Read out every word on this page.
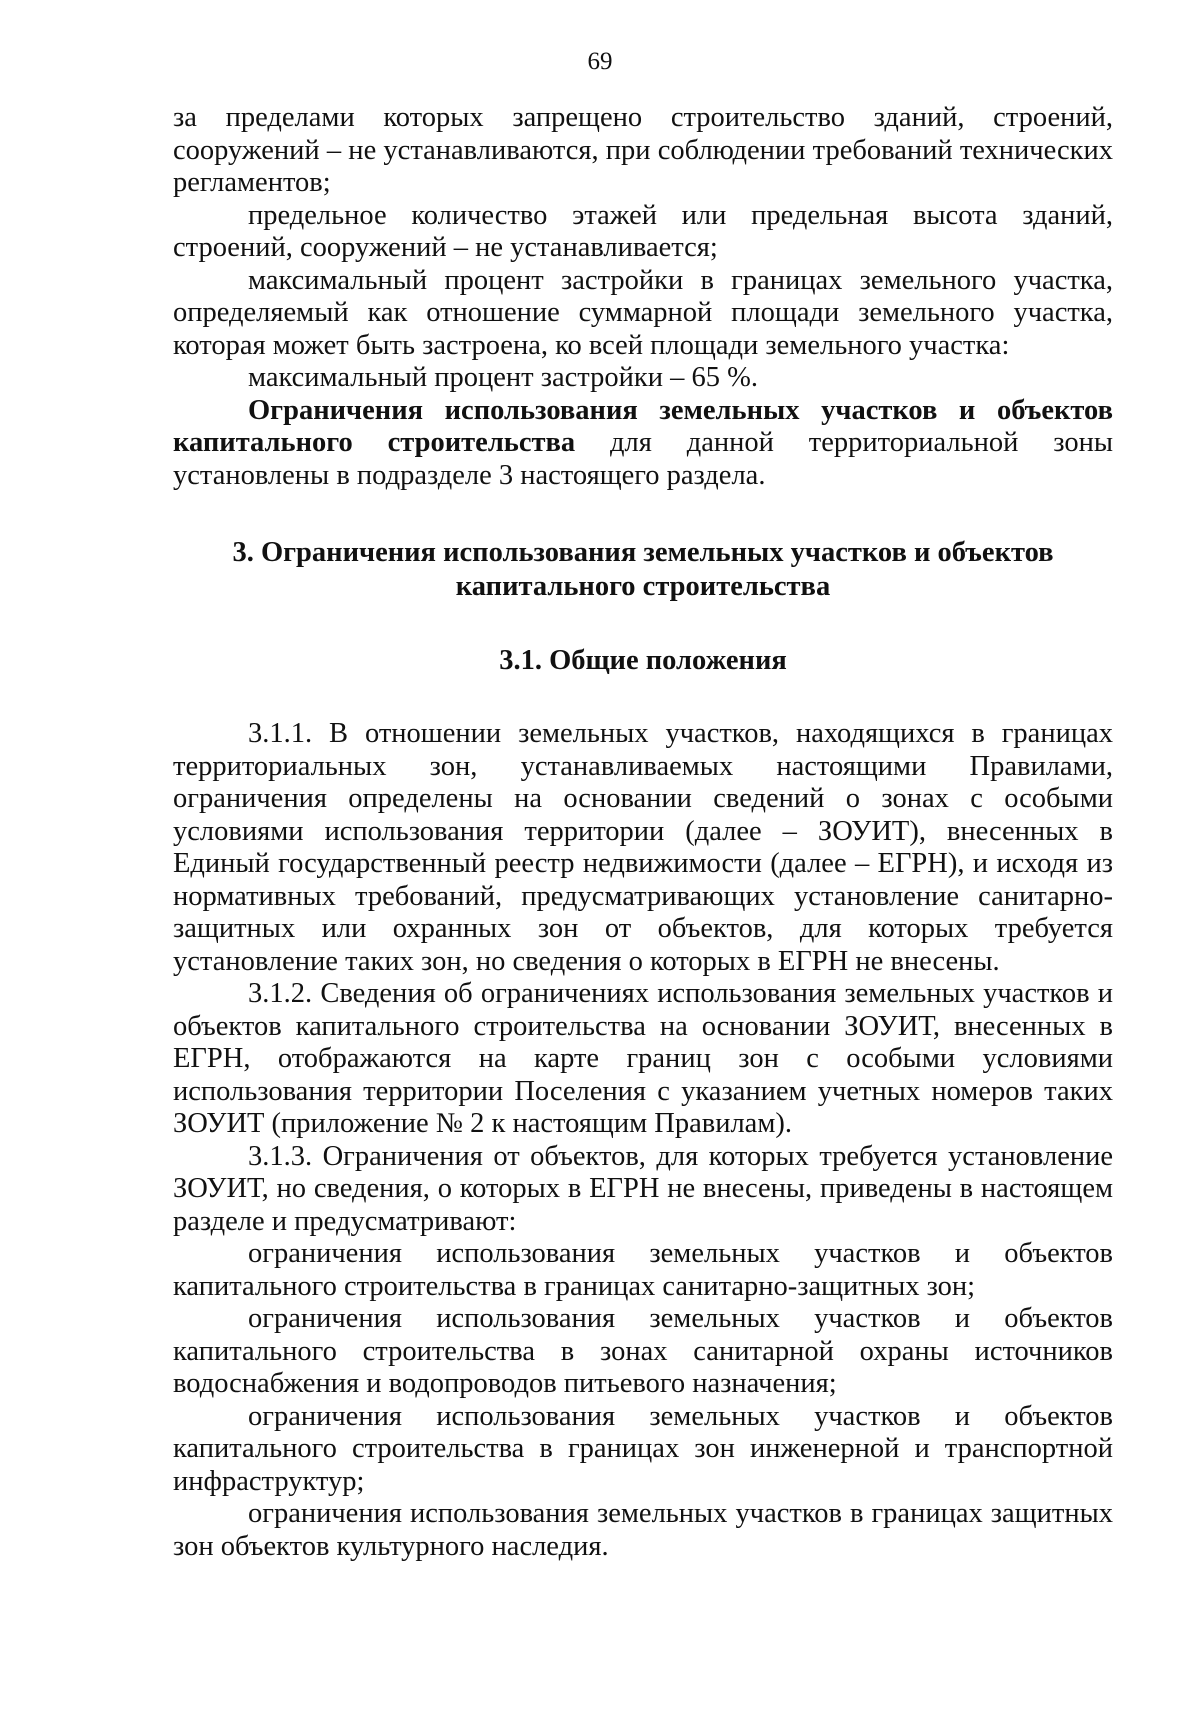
69

за пределами которых запрещено строительство зданий, строений, сооружений – не устанавливаются, при соблюдении требований технических регламентов;

предельное количество этажей или предельная высота зданий, строений, сооружений – не устанавливается;

максимальный процент застройки в границах земельного участка, определяемый как отношение суммарной площади земельного участка, которая может быть застроена, ко всей площади земельного участка:

максимальный процент застройки – 65 %.

Ограничения использования земельных участков и объектов капитального строительства для данной территориальной зоны установлены в подразделе 3 настоящего раздела.

3. Ограничения использования земельных участков и объектов капитального строительства
3.1. Общие положения

3.1.1. В отношении земельных участков, находящихся в границах территориальных зон, устанавливаемых настоящими Правилами, ограничения определены на основании сведений о зонах с особыми условиями использования территории (далее – ЗОУИТ), внесенных в Единый государственный реестр недвижимости (далее – ЕГРН), и исходя из нормативных требований, предусматривающих установление санитарно-защитных или охранных зон от объектов, для которых требуется установление таких зон, но сведения о которых в ЕГРН не внесены.

3.1.2. Сведения об ограничениях использования земельных участков и объектов капитального строительства на основании ЗОУИТ, внесенных в ЕГРН, отображаются на карте границ зон с особыми условиями использования территории Поселения с указанием учетных номеров таких ЗОУИТ (приложение № 2 к настоящим Правилам).

3.1.3. Ограничения от объектов, для которых требуется установление ЗОУИТ, но сведения, о которых в ЕГРН не внесены, приведены в настоящем разделе и предусматривают:

ограничения использования земельных участков и объектов капитального строительства в границах санитарно-защитных зон;

ограничения использования земельных участков и объектов капитального строительства в зонах санитарной охраны источников водоснабжения и водопроводов питьевого назначения;

ограничения использования земельных участков и объектов капитального строительства в границах зон инженерной и транспортной инфраструктур;

ограничения использования земельных участков в границах защитных зон объектов культурного наследия.
